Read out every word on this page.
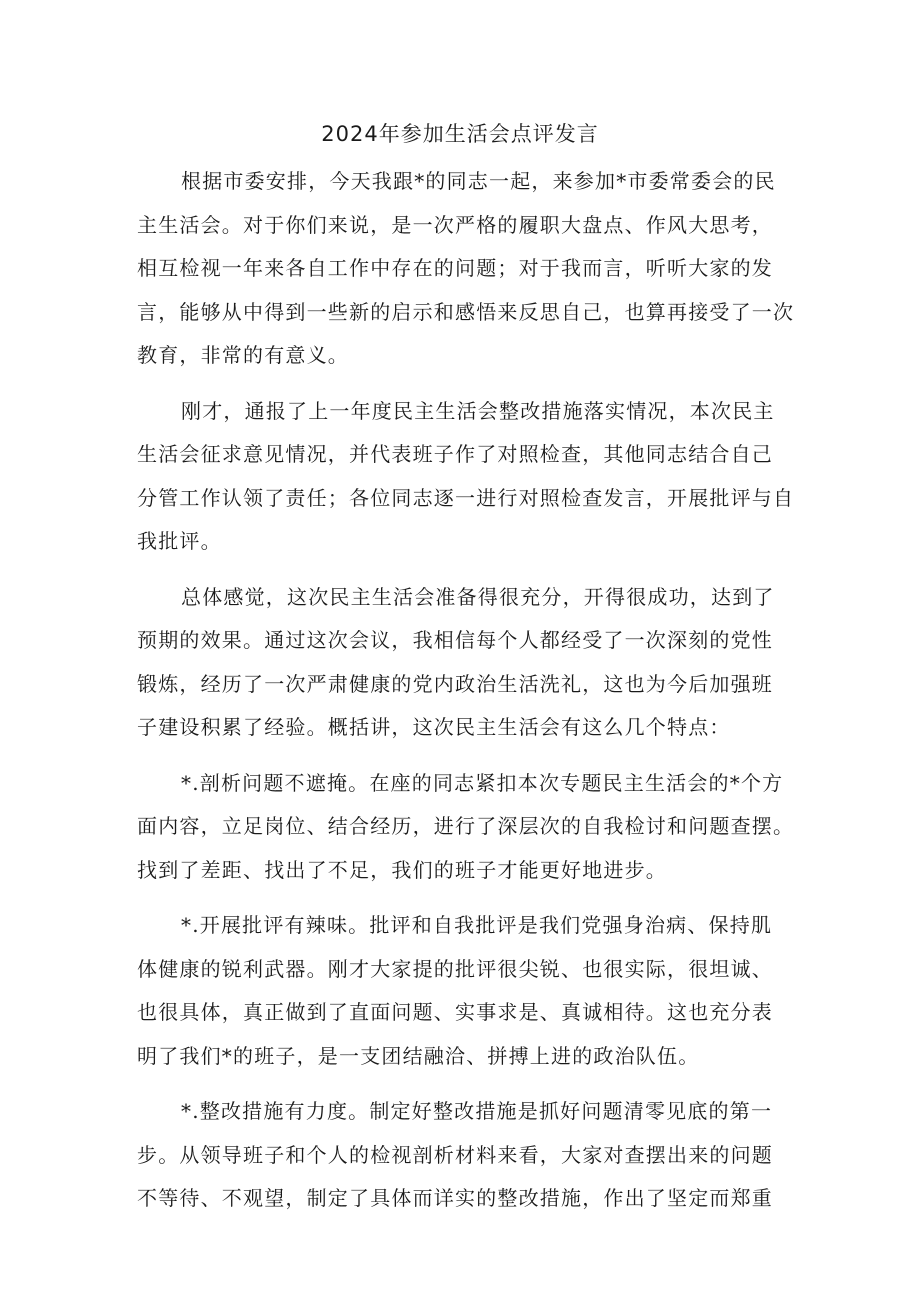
2024年参加生活会点评发言

根据市委安排，今天我跟*的同志一起，来参加*市委常委会的民
主生活会。对于你们来说，是一次严格的履职大盘点、作风大思考，
相互检视一年来各自工作中存在的问题；对于我而言，听听大家的发
言，能够从中得到一些新的启示和感悟来反思自己，也算再接受了一次
教育，非常的有意义。

刚才，通报了上一年度民主生活会整改措施落实情况，本次民主
生活会征求意见情况，并代表班子作了对照检查，其他同志结合自己
分管工作认领了责任；各位同志逐一进行对照检查发言，开展批评与自
我批评。

总体感觉，这次民主生活会准备得很充分，开得很成功，达到了
预期的效果。通过这次会议，我相信每个人都经受了一次深刻的党性
锻炼，经历了一次严肃健康的党内政治生活洗礼，这也为今后加强班
子建设积累了经验。概括讲，这次民主生活会有这么几个特点：

*.剖析问题不遮掩。在座的同志紧扣本次专题民主生活会的*个方
面内容，立足岗位、结合经历，进行了深层次的自我检讨和问题查摆。
找到了差距、找出了不足，我们的班子才能更好地进步。

*.开展批评有辣味。批评和自我批评是我们党强身治病、保持肌
体健康的锐利武器。刚才大家提的批评很尖锐、也很实际，很坦诚、
也很具体，真正做到了直面问题、实事求是、真诚相待。这也充分表
明了我们*的班子，是一支团结融洽、拼搏上进的政治队伍。

*.整改措施有力度。制定好整改措施是抓好问题清零见底的第一
步。从领导班子和个人的检视剖析材料来看，大家对查摆出来的问题
不等待、不观望，制定了具体而详实的整改措施，作出了坚定而郑重
